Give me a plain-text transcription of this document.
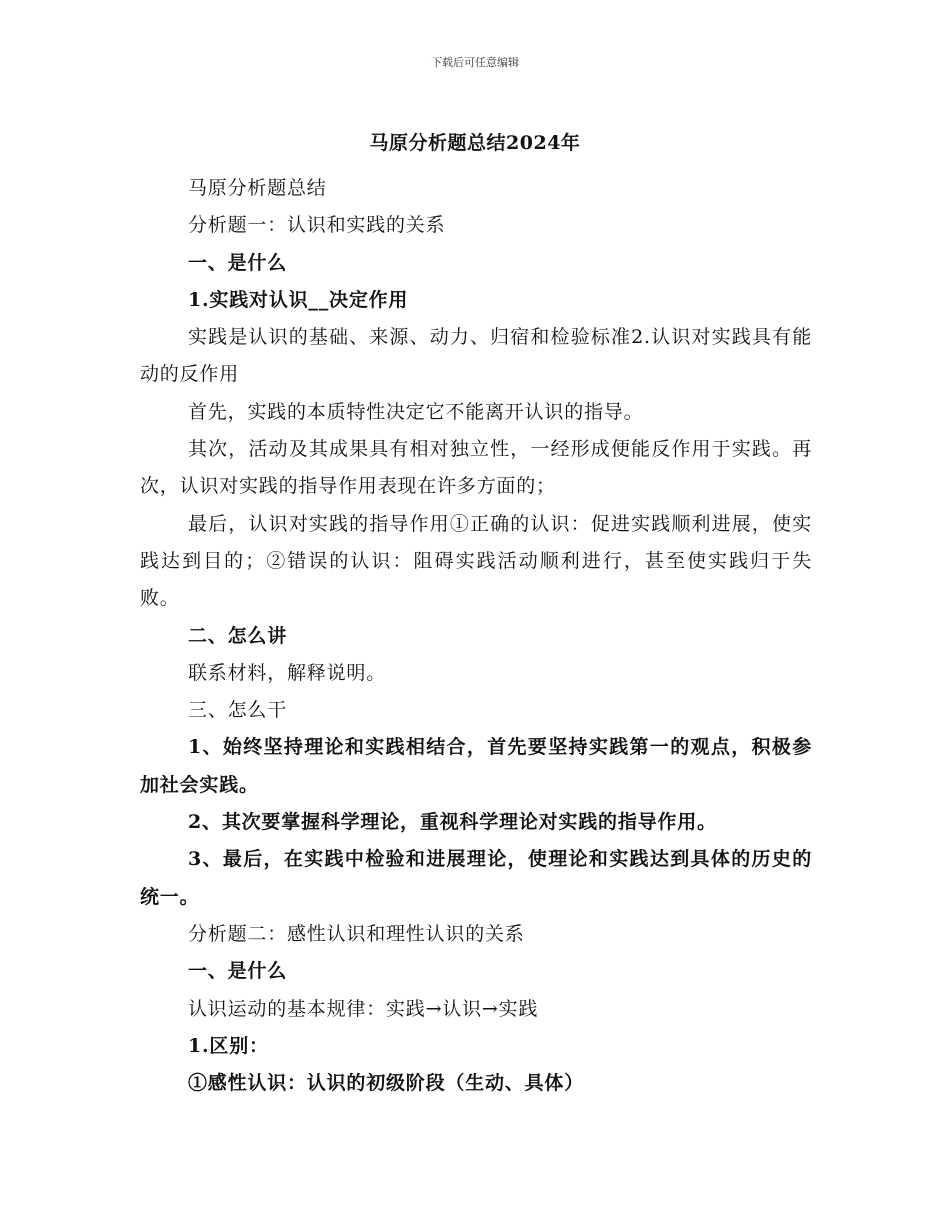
下载后可任意编辑
马原分析题总结2024年

马原分析题总结

分析题一：认识和实践的关系

一、是什么

1.实践对认识__决定作用

实践是认识的基础、来源、动力、归宿和检验标准2.认识对实践具有能动的反作用

首先，实践的本质特性决定它不能离开认识的指导。

其次，活动及其成果具有相对独立性，一经形成便能反作用于实践。再次，认识对实践的指导作用表现在许多方面的；

最后，认识对实践的指导作用①正确的认识：促进实践顺利进展，使实践达到目的；②错误的认识：阻碍实践活动顺利进行，甚至使实践归于失败。

二、怎么讲

联系材料，解释说明。

三、怎么干

1、始终坚持理论和实践相结合，首先要坚持实践第一的观点，积极参加社会实践。

2、其次要掌握科学理论，重视科学理论对实践的指导作用。

3、最后，在实践中检验和进展理论，使理论和实践达到具体的历史的统一。

分析题二：感性认识和理性认识的关系

一、是什么

认识运动的基本规律：实践→认识→实践

1.区别：

①感性认识：认识的初级阶段（生动、具体）
